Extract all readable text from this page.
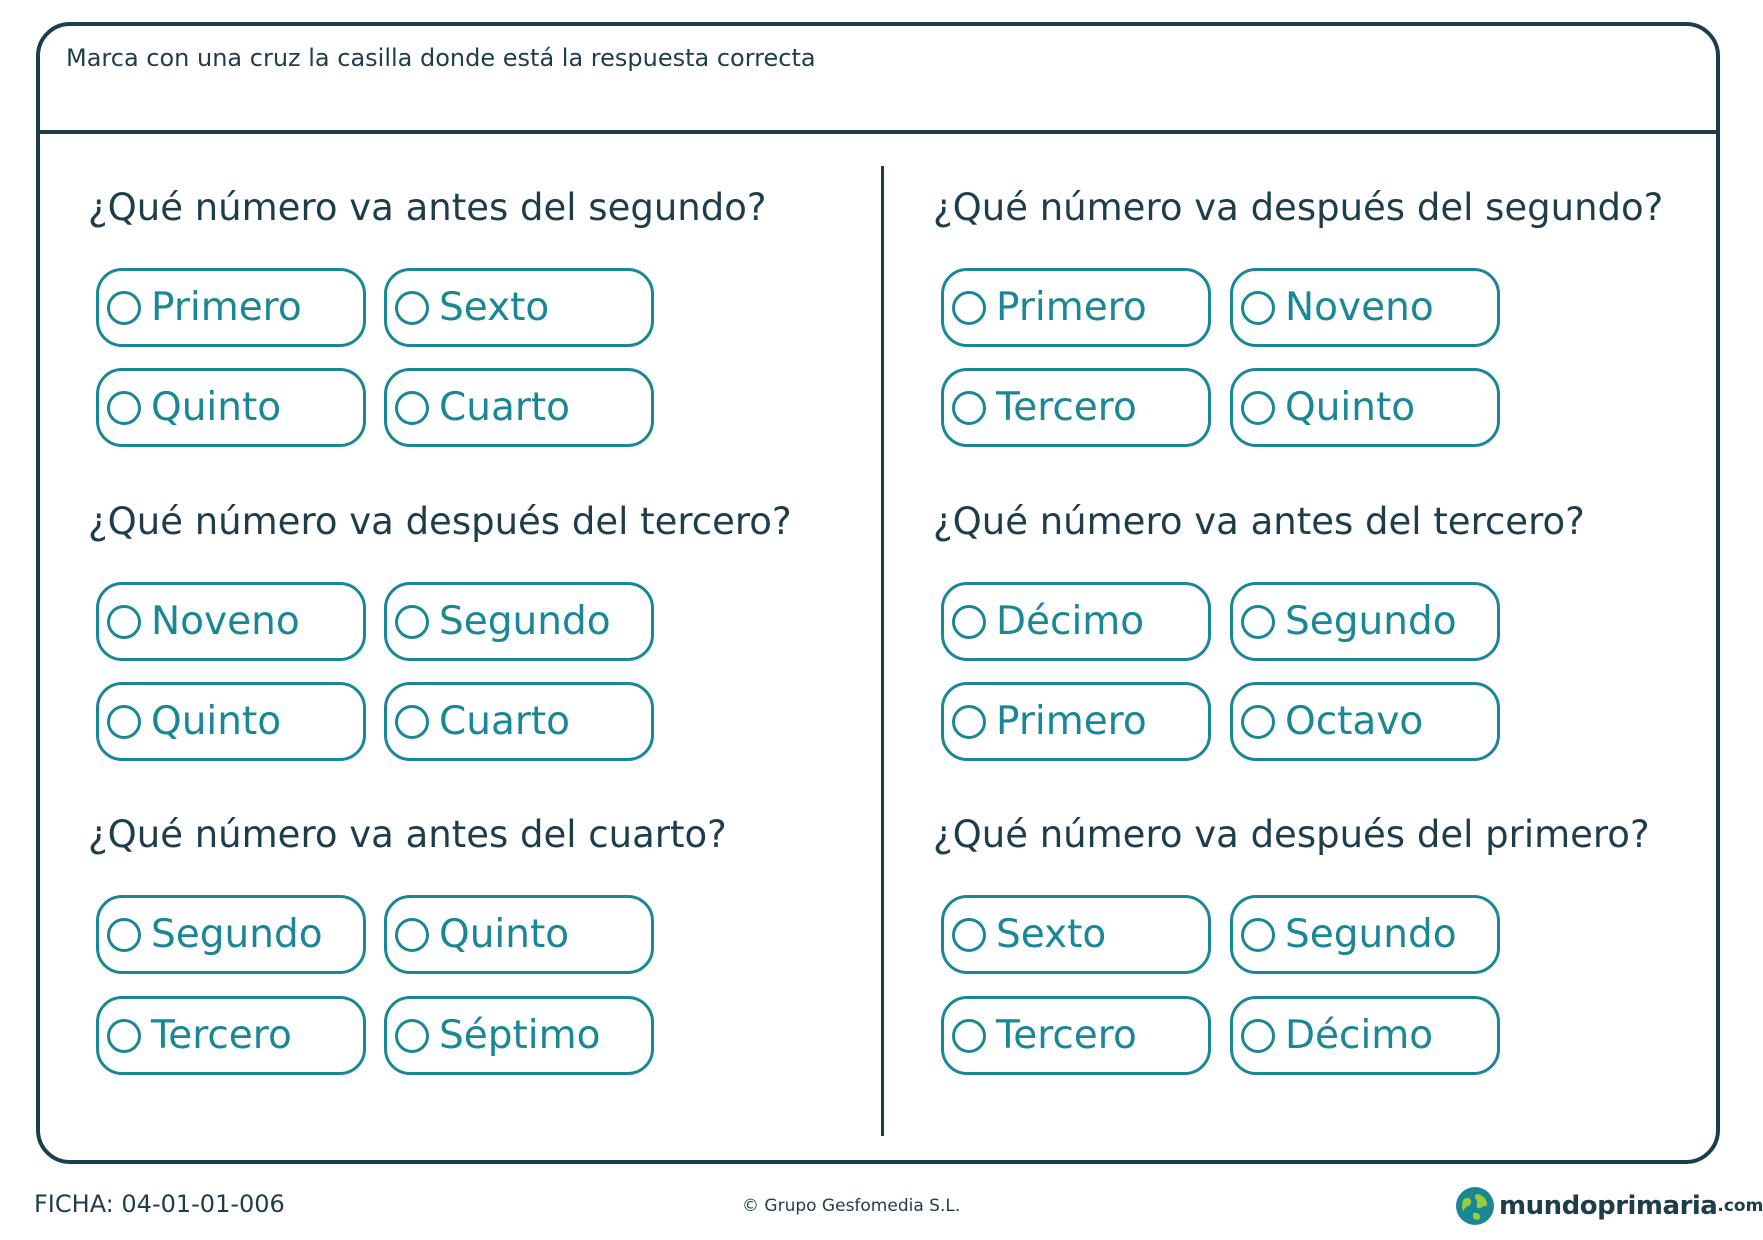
Marca con una cruz la casilla donde está la respuesta correcta
¿Qué número va antes del segundo?
Primero	Sexto
Quinto	Cuarto
¿Qué número va después del tercero?
Noveno	Segundo
Quinto	Cuarto
¿Qué número va antes del cuarto?
Segundo	Quinto
Tercero	Séptimo
¿Qué número va después del segundo?
Primero	Noveno
Tercero	Quinto
¿Qué número va antes del tercero?
Décimo	Segundo
Primero	Octavo
¿Qué número va después del primero?
Sexto	Segundo
Tercero	Décimo
FICHA: 04-01-01-006	© Grupo Gesfomedia S.L.	mundoprimaria .com
